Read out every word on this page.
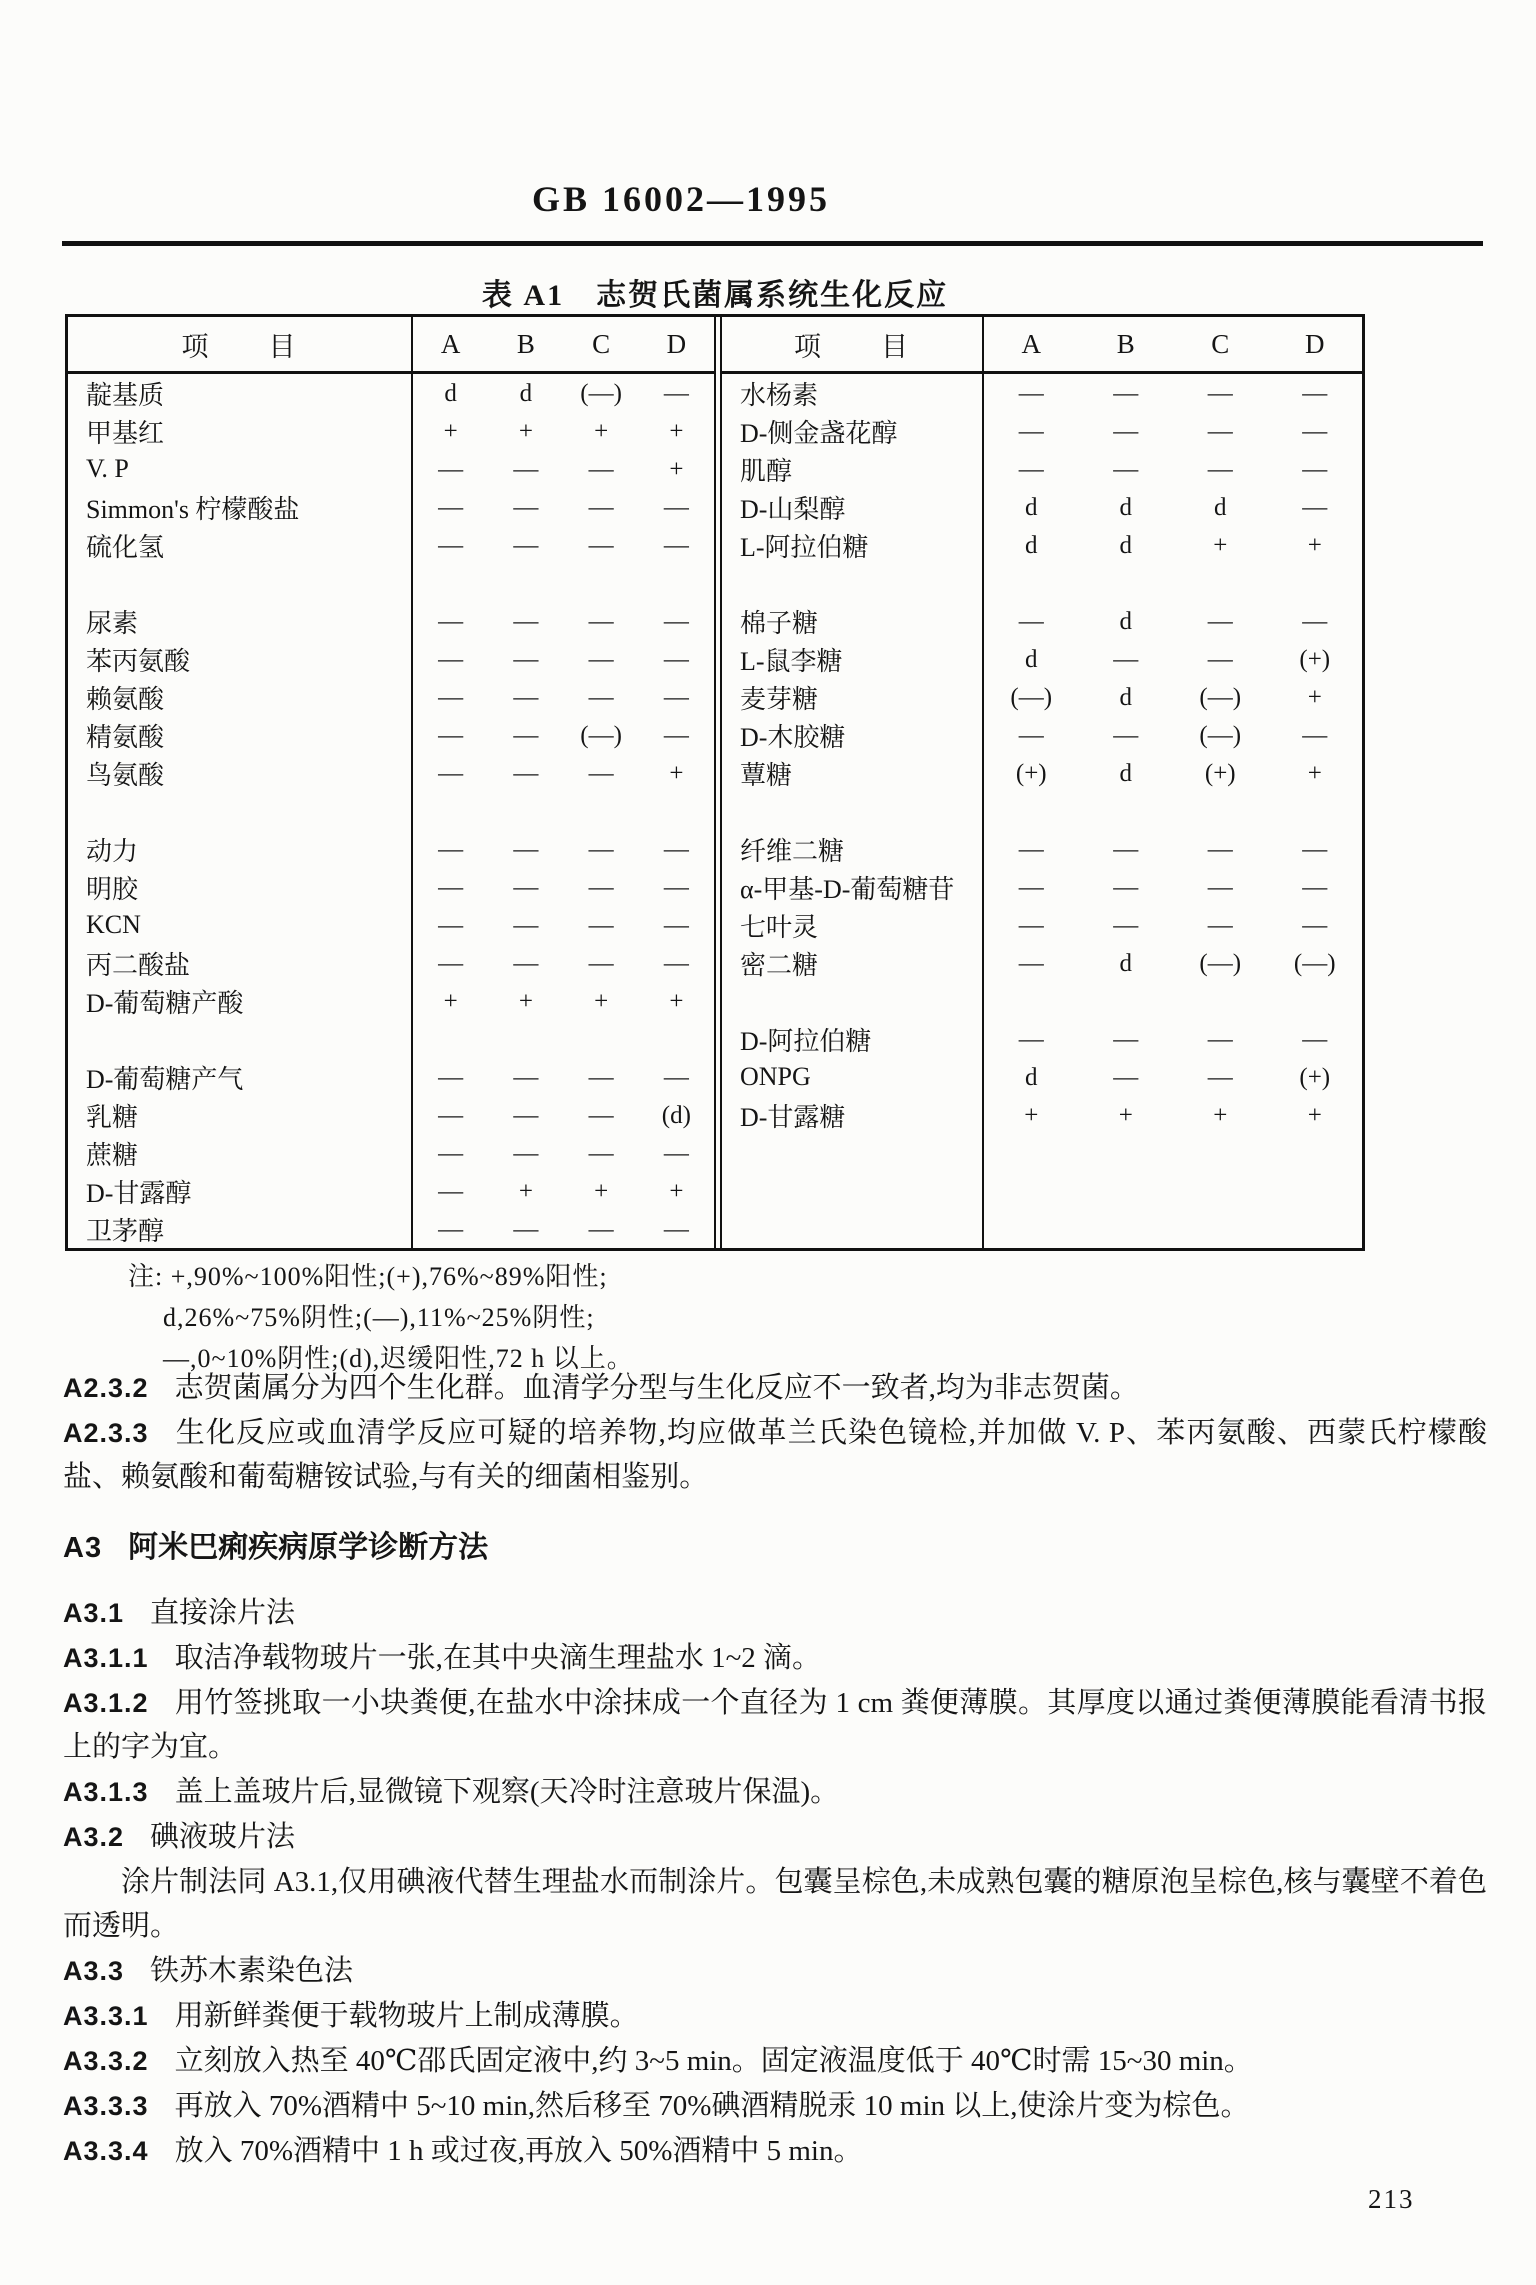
GB 16002—1995
表 A1　志贺氏菌属系统生化反应
项　　目	A	B	C	D
靛基质	d	d	(—)	—
甲基红	+	+	+	+
V. P	—	—	—	+
Simmon's 柠檬酸盐	—	—	—	—
硫化氢	—	—	—	—
尿素	—	—	—	—
苯丙氨酸	—	—	—	—
赖氨酸	—	—	—	—
精氨酸	—	—	(—)	—
鸟氨酸	—	—	—	+
动力	—	—	—	—
明胶	—	—	—	—
KCN	—	—	—	—
丙二酸盐	—	—	—	—
D-葡萄糖产酸	+	+	+	+
D-葡萄糖产气	—	—	—	—
乳糖	—	—	—	(d)
蔗糖	—	—	—	—
D-甘露醇	—	+	+	+
卫茅醇	—	—	—	—
项　　目	A	B	C	D
水杨素	—	—	—	—
D-侧金盏花醇	—	—	—	—
肌醇	—	—	—	—
D-山梨醇	d	d	d	—
L-阿拉伯糖	d	d	+	+
棉子糖	—	d	—	—
L-鼠李糖	d	—	—	(+)
麦芽糖	(—)	d	(—)	+
D-木胶糖	—	—	(—)	—
蕈糖	(+)	d	(+)	+
纤维二糖	—	—	—	—
α-甲基-D-葡萄糖苷	—	—	—	—
七叶灵	—	—	—	—
密二糖	—	d	(—)	(—)
D-阿拉伯糖	—	—	—	—
ONPG	d	—	—	(+)
D-甘露糖	+	+	+	+
注: +,90%~100%阳性;(+),76%~89%阳性;
d,26%~75%阴性;(—),11%~25%阴性;
—,0~10%阴性;(d),迟缓阳性,72 h 以上。
A2.3.2 志贺菌属分为四个生化群。血清学分型与生化反应不一致者,均为非志贺菌。
A2.3.3 生化反应或血清学反应可疑的培养物,均应做革兰氏染色镜检,并加做 V. P、苯丙氨酸、西蒙氏柠檬酸盐、赖氨酸和葡萄糖铵试验,与有关的细菌相鉴别。
A3 阿米巴痢疾病原学诊断方法
A3.1 直接涂片法
A3.1.1 取洁净载物玻片一张,在其中央滴生理盐水 1~2 滴。
A3.1.2 用竹签挑取一小块粪便,在盐水中涂抹成一个直径为 1 cm 粪便薄膜。其厚度以通过粪便薄膜能看清书报上的字为宜。
A3.1.3 盖上盖玻片后,显微镜下观察(天冷时注意玻片保温)。
A3.2 碘液玻片法
涂片制法同 A3.1,仅用碘液代替生理盐水而制涂片。包囊呈棕色,未成熟包囊的糖原泡呈棕色,核与囊壁不着色而透明。
A3.3 铁苏木素染色法
A3.3.1 用新鲜粪便于载物玻片上制成薄膜。
A3.3.2 立刻放入热至 40℃邵氏固定液中,约 3~5 min。固定液温度低于 40℃时需 15~30 min。
A3.3.3 再放入 70%酒精中 5~10 min,然后移至 70%碘酒精脱汞 10 min 以上,使涂片变为棕色。
A3.3.4 放入 70%酒精中 1 h 或过夜,再放入 50%酒精中 5 min。
213
